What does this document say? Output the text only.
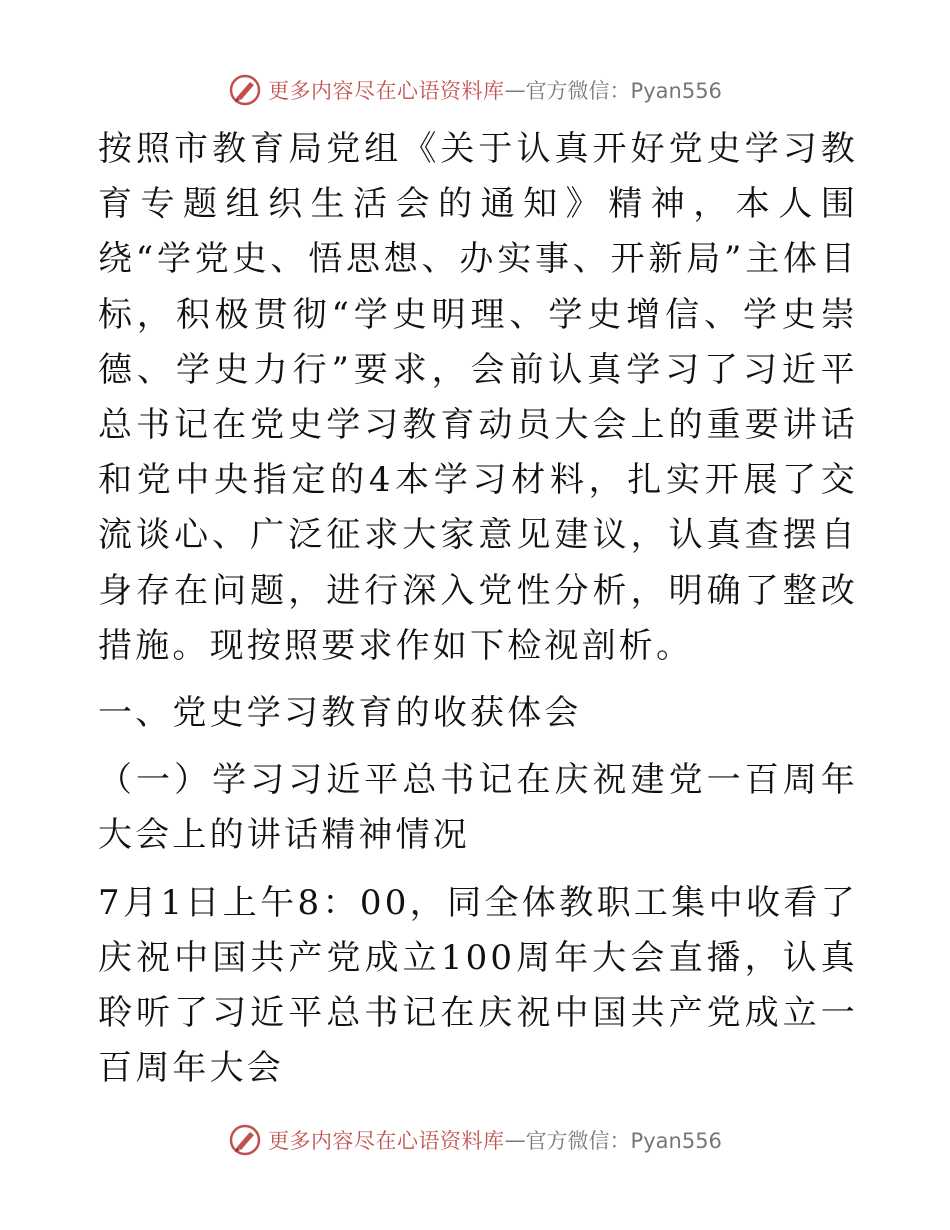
更多内容尽在心语资料库 — 官方微信：Pyan556

按照市教育局党组《关于认真开好党史学习教育专题组织生活会的通知》精神，本人围绕“学党史、悟思想、办实事、开新局”主体目标，积极贯彻“学史明理、学史增信、学史崇德、学史力行”要求，会前认真学习了习近平总书记在党史学习教育动员大会上的重要讲话和党中央指定的4本学习材料，扎实开展了交流谈心、广泛征求大家意见建议，认真查摆自身存在问题，进行深入党性分析，明确了整改措施。现按照要求作如下检视剖析。

一、党史学习教育的收获体会

（一）学习习近平总书记在庆祝建党一百周年大会上的讲话精神情况

7月1日上午8：00，同全体教职工集中收看了庆祝中国共产党成立100周年大会直播，认真聆听了习近平总书记在庆祝中国共产党成立一百周年大会

更多内容尽在心语资料库 — 官方微信：Pyan556
